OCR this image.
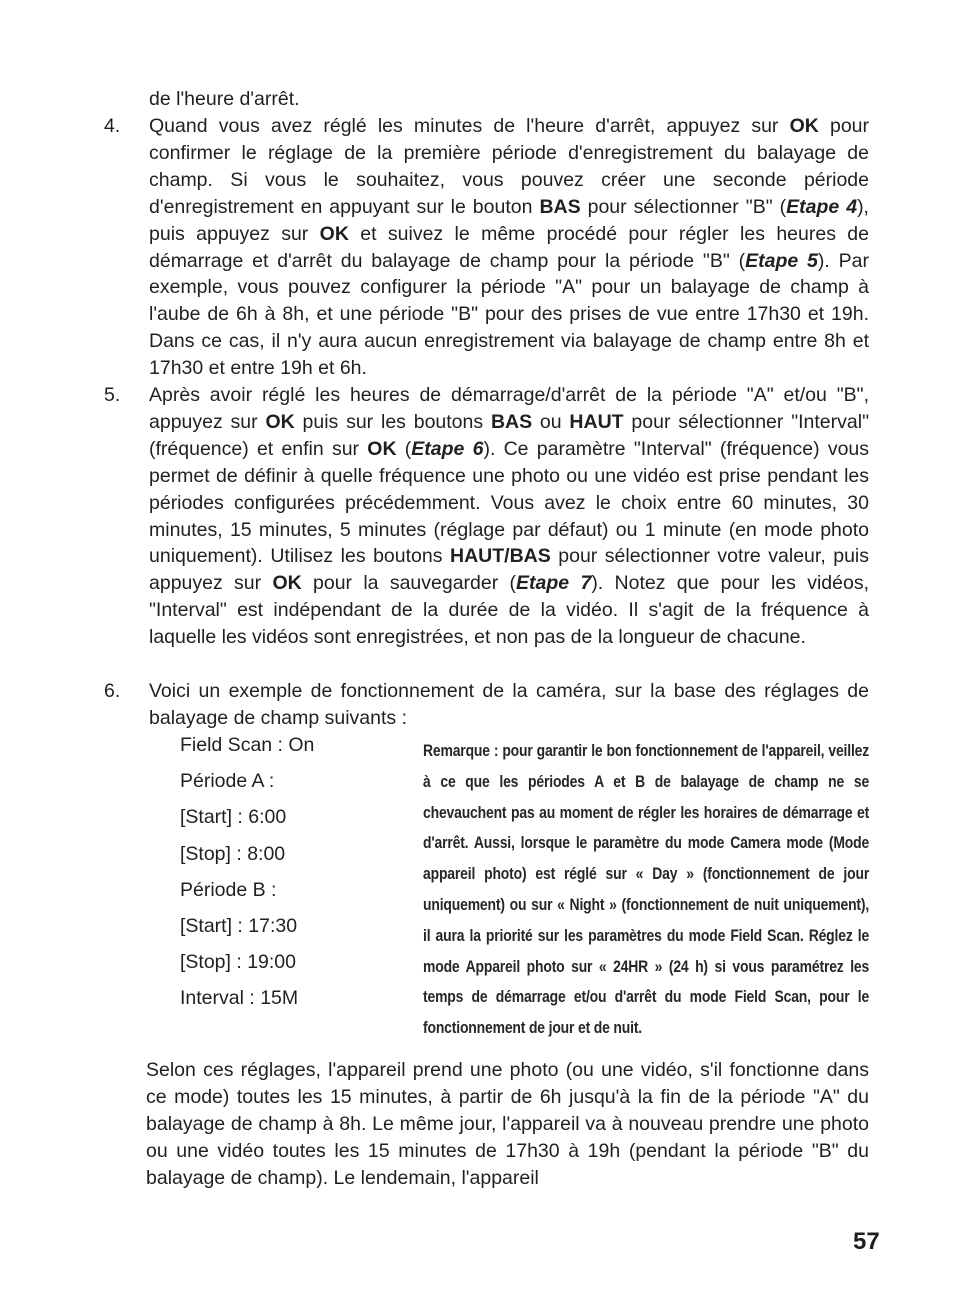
de l'heure d'arrêt.
4. Quand vous avez réglé les minutes de l'heure d'arrêt, appuyez sur OK pour confirmer le réglage de la première période d'enregistrement du balayage de champ. Si vous le souhaitez, vous pouvez créer une seconde période d'enregistrement en appuyant sur le bouton BAS pour sélectionner "B" (Etape 4), puis appuyez sur OK et suivez le même procédé pour régler les heures de démarrage et d'arrêt du balayage de champ pour la période "B" (Etape 5). Par exemple, vous pouvez configurer la période "A" pour un balayage de champ à l'aube de 6h à 8h, et une période "B" pour des prises de vue entre 17h30 et 19h. Dans ce cas, il n'y aura aucun enregistrement via balayage de champ entre 8h et 17h30 et entre 19h et 6h.
5. Après avoir réglé les heures de démarrage/d'arrêt de la période "A" et/ou "B", appuyez sur OK puis sur les boutons BAS ou HAUT pour sélectionner "Interval" (fréquence) et enfin sur OK (Etape 6). Ce paramètre "Interval" (fréquence) vous permet de définir à quelle fréquence une photo ou une vidéo est prise pendant les périodes configurées précédemment. Vous avez le choix entre 60 minutes, 30 minutes, 15 minutes, 5 minutes (réglage par défaut) ou 1 minute (en mode photo uniquement). Utilisez les boutons HAUT/BAS pour sélectionner votre valeur, puis appuyez sur OK pour la sauvegarder (Etape 7). Notez que pour les vidéos, "Interval" est indépendant de la durée de la vidéo. Il s'agit de la fréquence à laquelle les vidéos sont enregistrées, et non pas de la longueur de chacune.
6. Voici un exemple de fonctionnement de la caméra, sur la base des réglages de balayage de champ suivants :
Field Scan : On
Période A :
[Start] : 6:00
[Stop] : 8:00
Période B :
[Start] : 17:30
[Stop] : 19:00
Interval : 15M
Remarque : pour garantir le bon fonctionnement de l'appareil, veillez à ce que les périodes A et B de balayage de champ ne se chevauchent pas au moment de régler les horaires de démarrage et d'arrêt. Aussi, lorsque le paramètre du mode Camera mode (Mode appareil photo) est réglé sur « Day » (fonctionnement de jour uniquement) ou sur « Night » (fonctionnement de nuit uniquement), il aura la priorité sur les paramètres du mode Field Scan. Réglez le mode Appareil photo sur « 24HR » (24 h) si vous paramétrez les temps de démarrage et/ou d'arrêt du mode Field Scan, pour le fonctionnement de jour et de nuit.
Selon ces réglages, l'appareil prend une photo (ou une vidéo, s'il fonctionne dans ce mode) toutes les 15 minutes, à partir de 6h jusqu'à la fin de la période "A" du balayage de champ à 8h. Le même jour, l'appareil va à nouveau prendre une photo ou une vidéo toutes les 15 minutes de 17h30 à 19h (pendant la période "B" du balayage de champ). Le lendemain, l'appareil
57
